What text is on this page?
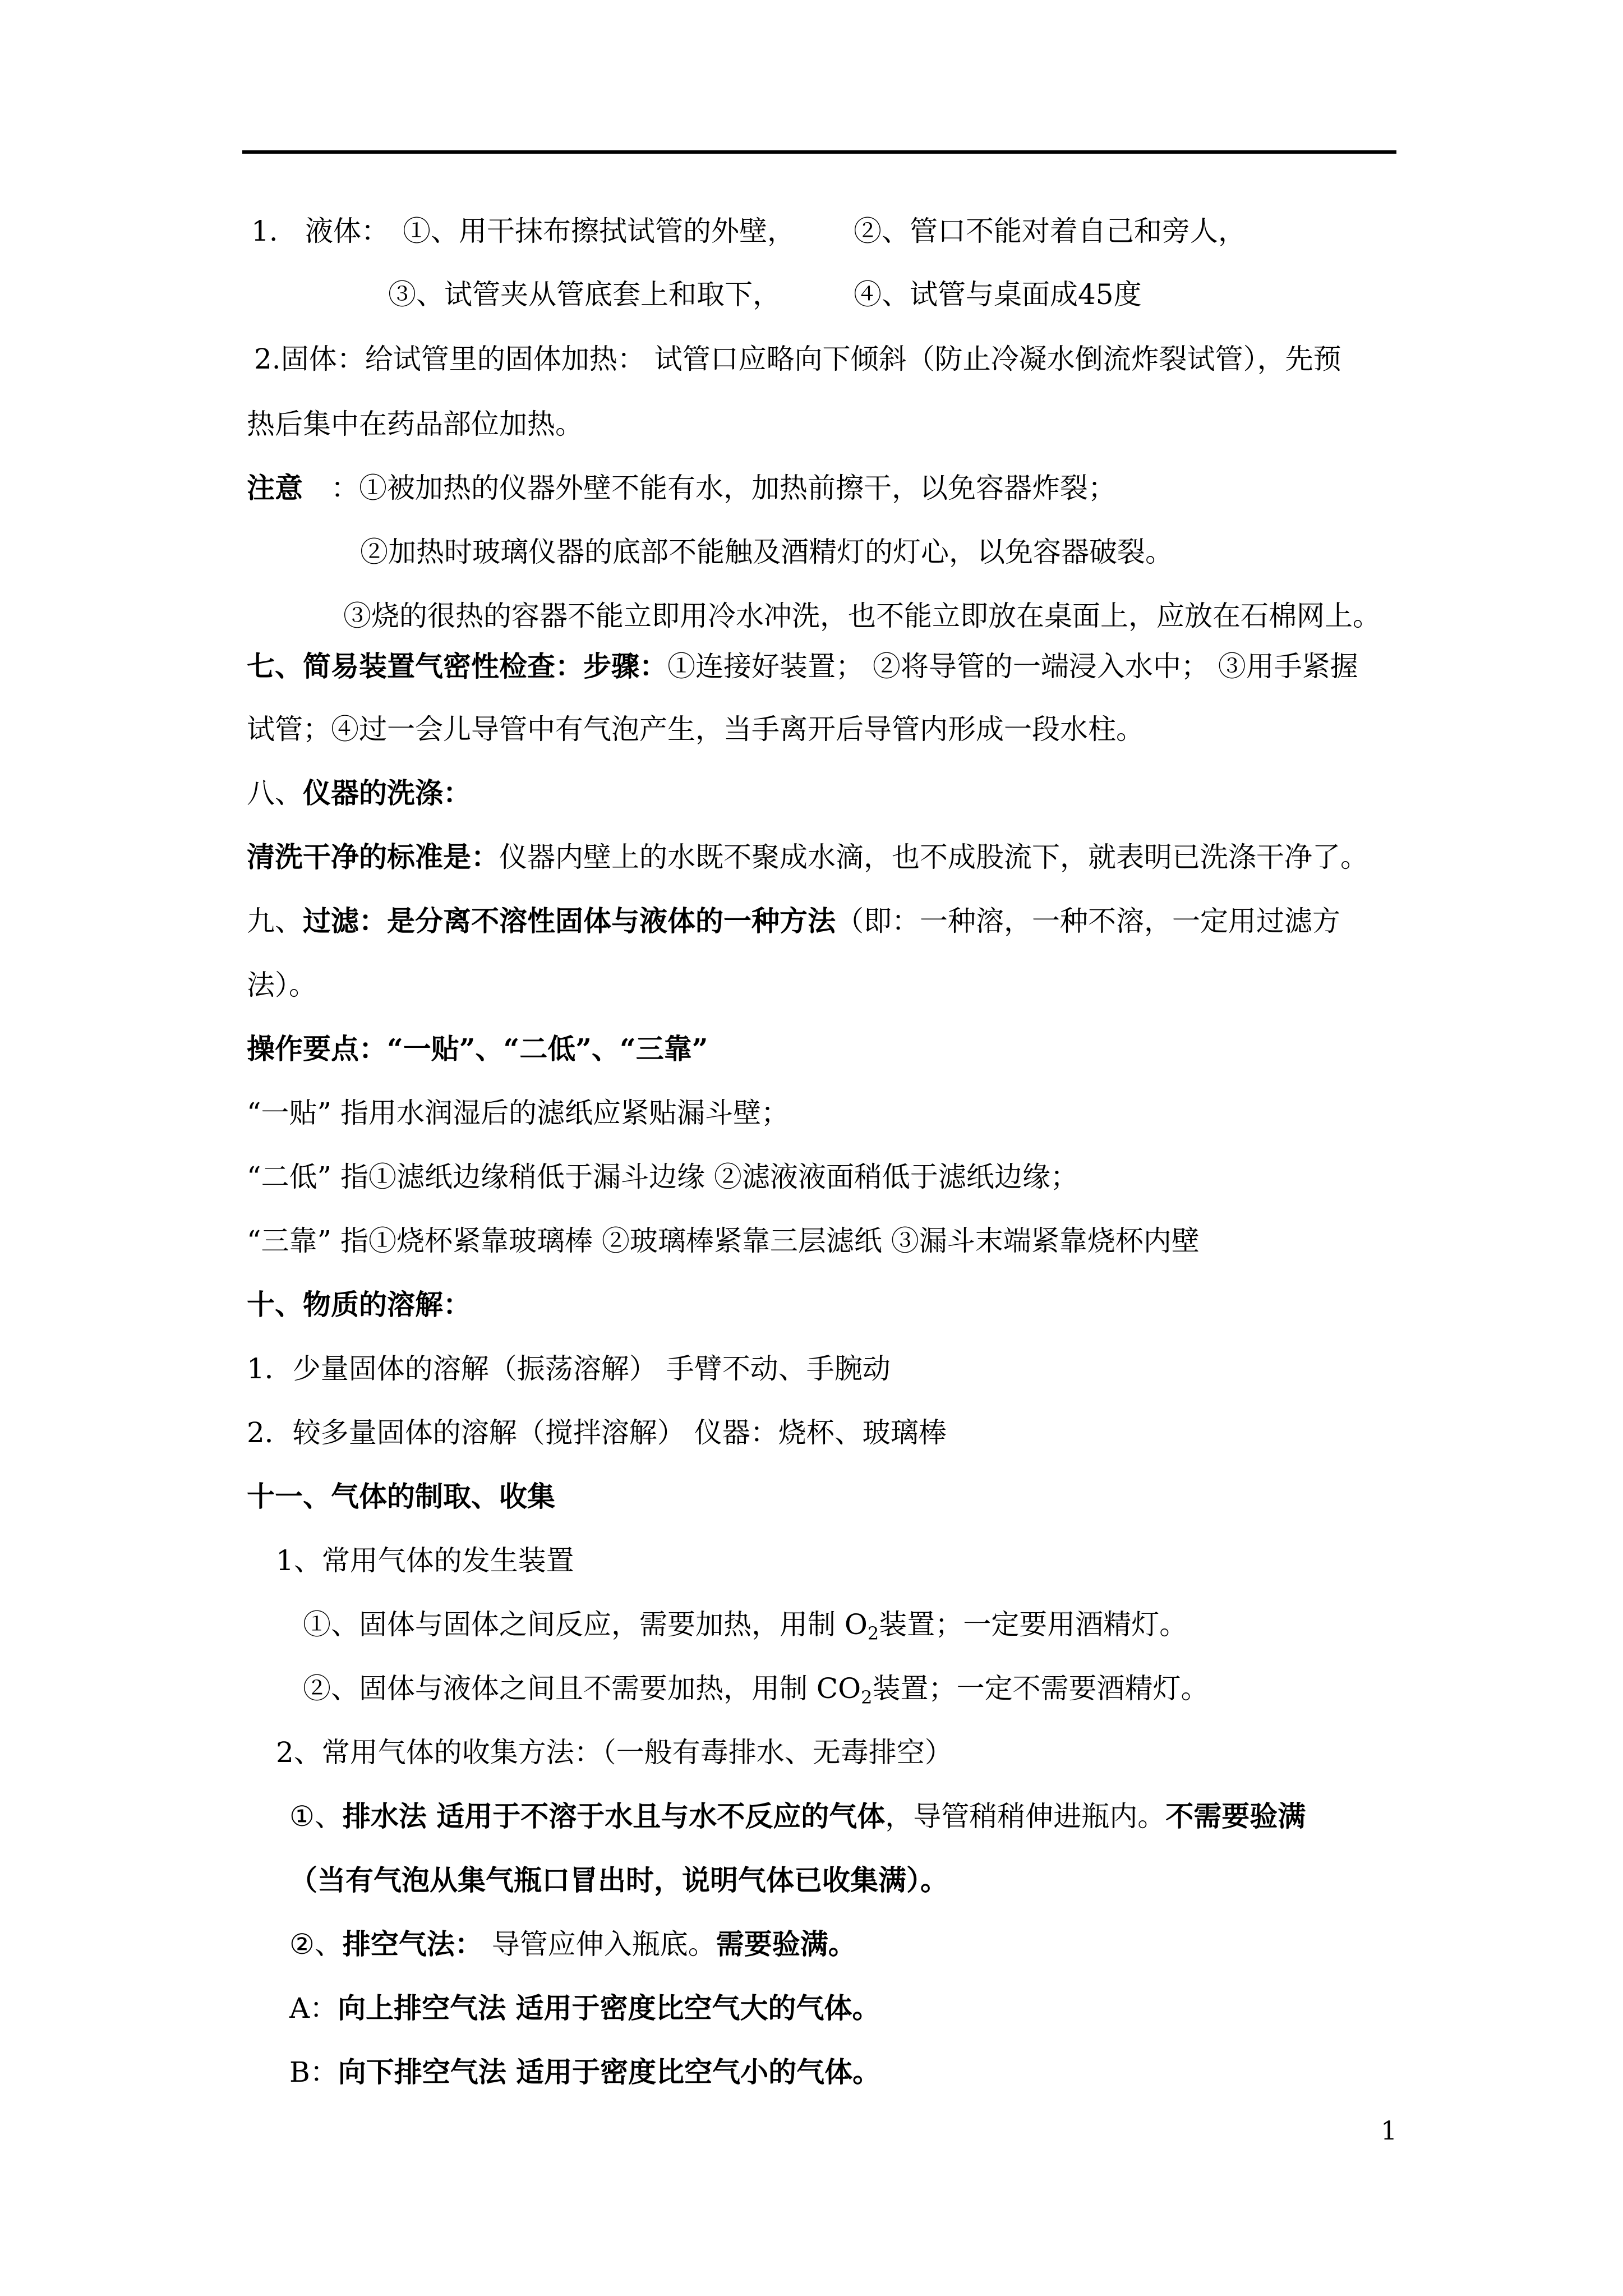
1. 液体： ①、用干抹布擦拭试管的外壁， ②、管口不能对着自己和旁人，
③、试管夹从管底套上和取下，	④、试管与桌面成45度
2.固体：给试管里的固体加热： 试管口应略向下倾斜（防止冷凝水倒流炸裂试管），先预
热后集中在药品部位加热。
注意 ：①被加热的仪器外壁不能有水，加热前擦干，以免容器炸裂；
②加热时玻璃仪器的底部不能触及酒精灯的灯心，以免容器破裂。
③烧的很热的容器不能立即用冷水冲洗，也不能立即放在桌面上，应放在石棉网上。
七、简易装置气密性检查：步骤：①连接好装置； ②将导管的一端浸入水中； ③用手紧握
试管；④过一会儿导管中有气泡产生，当手离开后导管内形成一段水柱。
八、仪器的洗涤：
清洗干净的标准是：仪器内壁上的水既不聚成水滴，也不成股流下，就表明已洗涤干净了。
九、过滤：是分离不溶性固体与液体的一种方法（即：一种溶，一种不溶，一定用过滤方
法）。
操作要点：“一贴”、“二低”、“三靠”
“一贴” 指用水润湿后的滤纸应紧贴漏斗壁；
“二低” 指①滤纸边缘稍低于漏斗边缘 ②滤液液面稍低于滤纸边缘；
“三靠” 指①烧杯紧靠玻璃棒 ②玻璃棒紧靠三层滤纸 ③漏斗末端紧靠烧杯内壁
十、物质的溶解：
1．少量固体的溶解（振荡溶解） 手臂不动、手腕动
2．较多量固体的溶解（搅拌溶解） 仪器：烧杯、玻璃棒
十一、气体的制取、收集
1、常用气体的发生装置
①、固体与固体之间反应，需要加热，用制 $O_2$装置；一定要用酒精灯。
②、固体与液体之间且不需要加热，用制 $CO_2$装置；一定不需要酒精灯。
2、常用气体的收集方法：（一般有毒排水、无毒排空）
①、排水法 适用于不溶于水且与水不反应的气体，导管稍稍伸进瓶内。不需要验满
（当有气泡从集气瓶口冒出时，说明气体已收集满）。
②、排空气法： 导管应伸入瓶底。需要验满。
A：向上排空气法 适用于密度比空气大的气体。
B：向下排空气法 适用于密度比空气小的气体。
1
